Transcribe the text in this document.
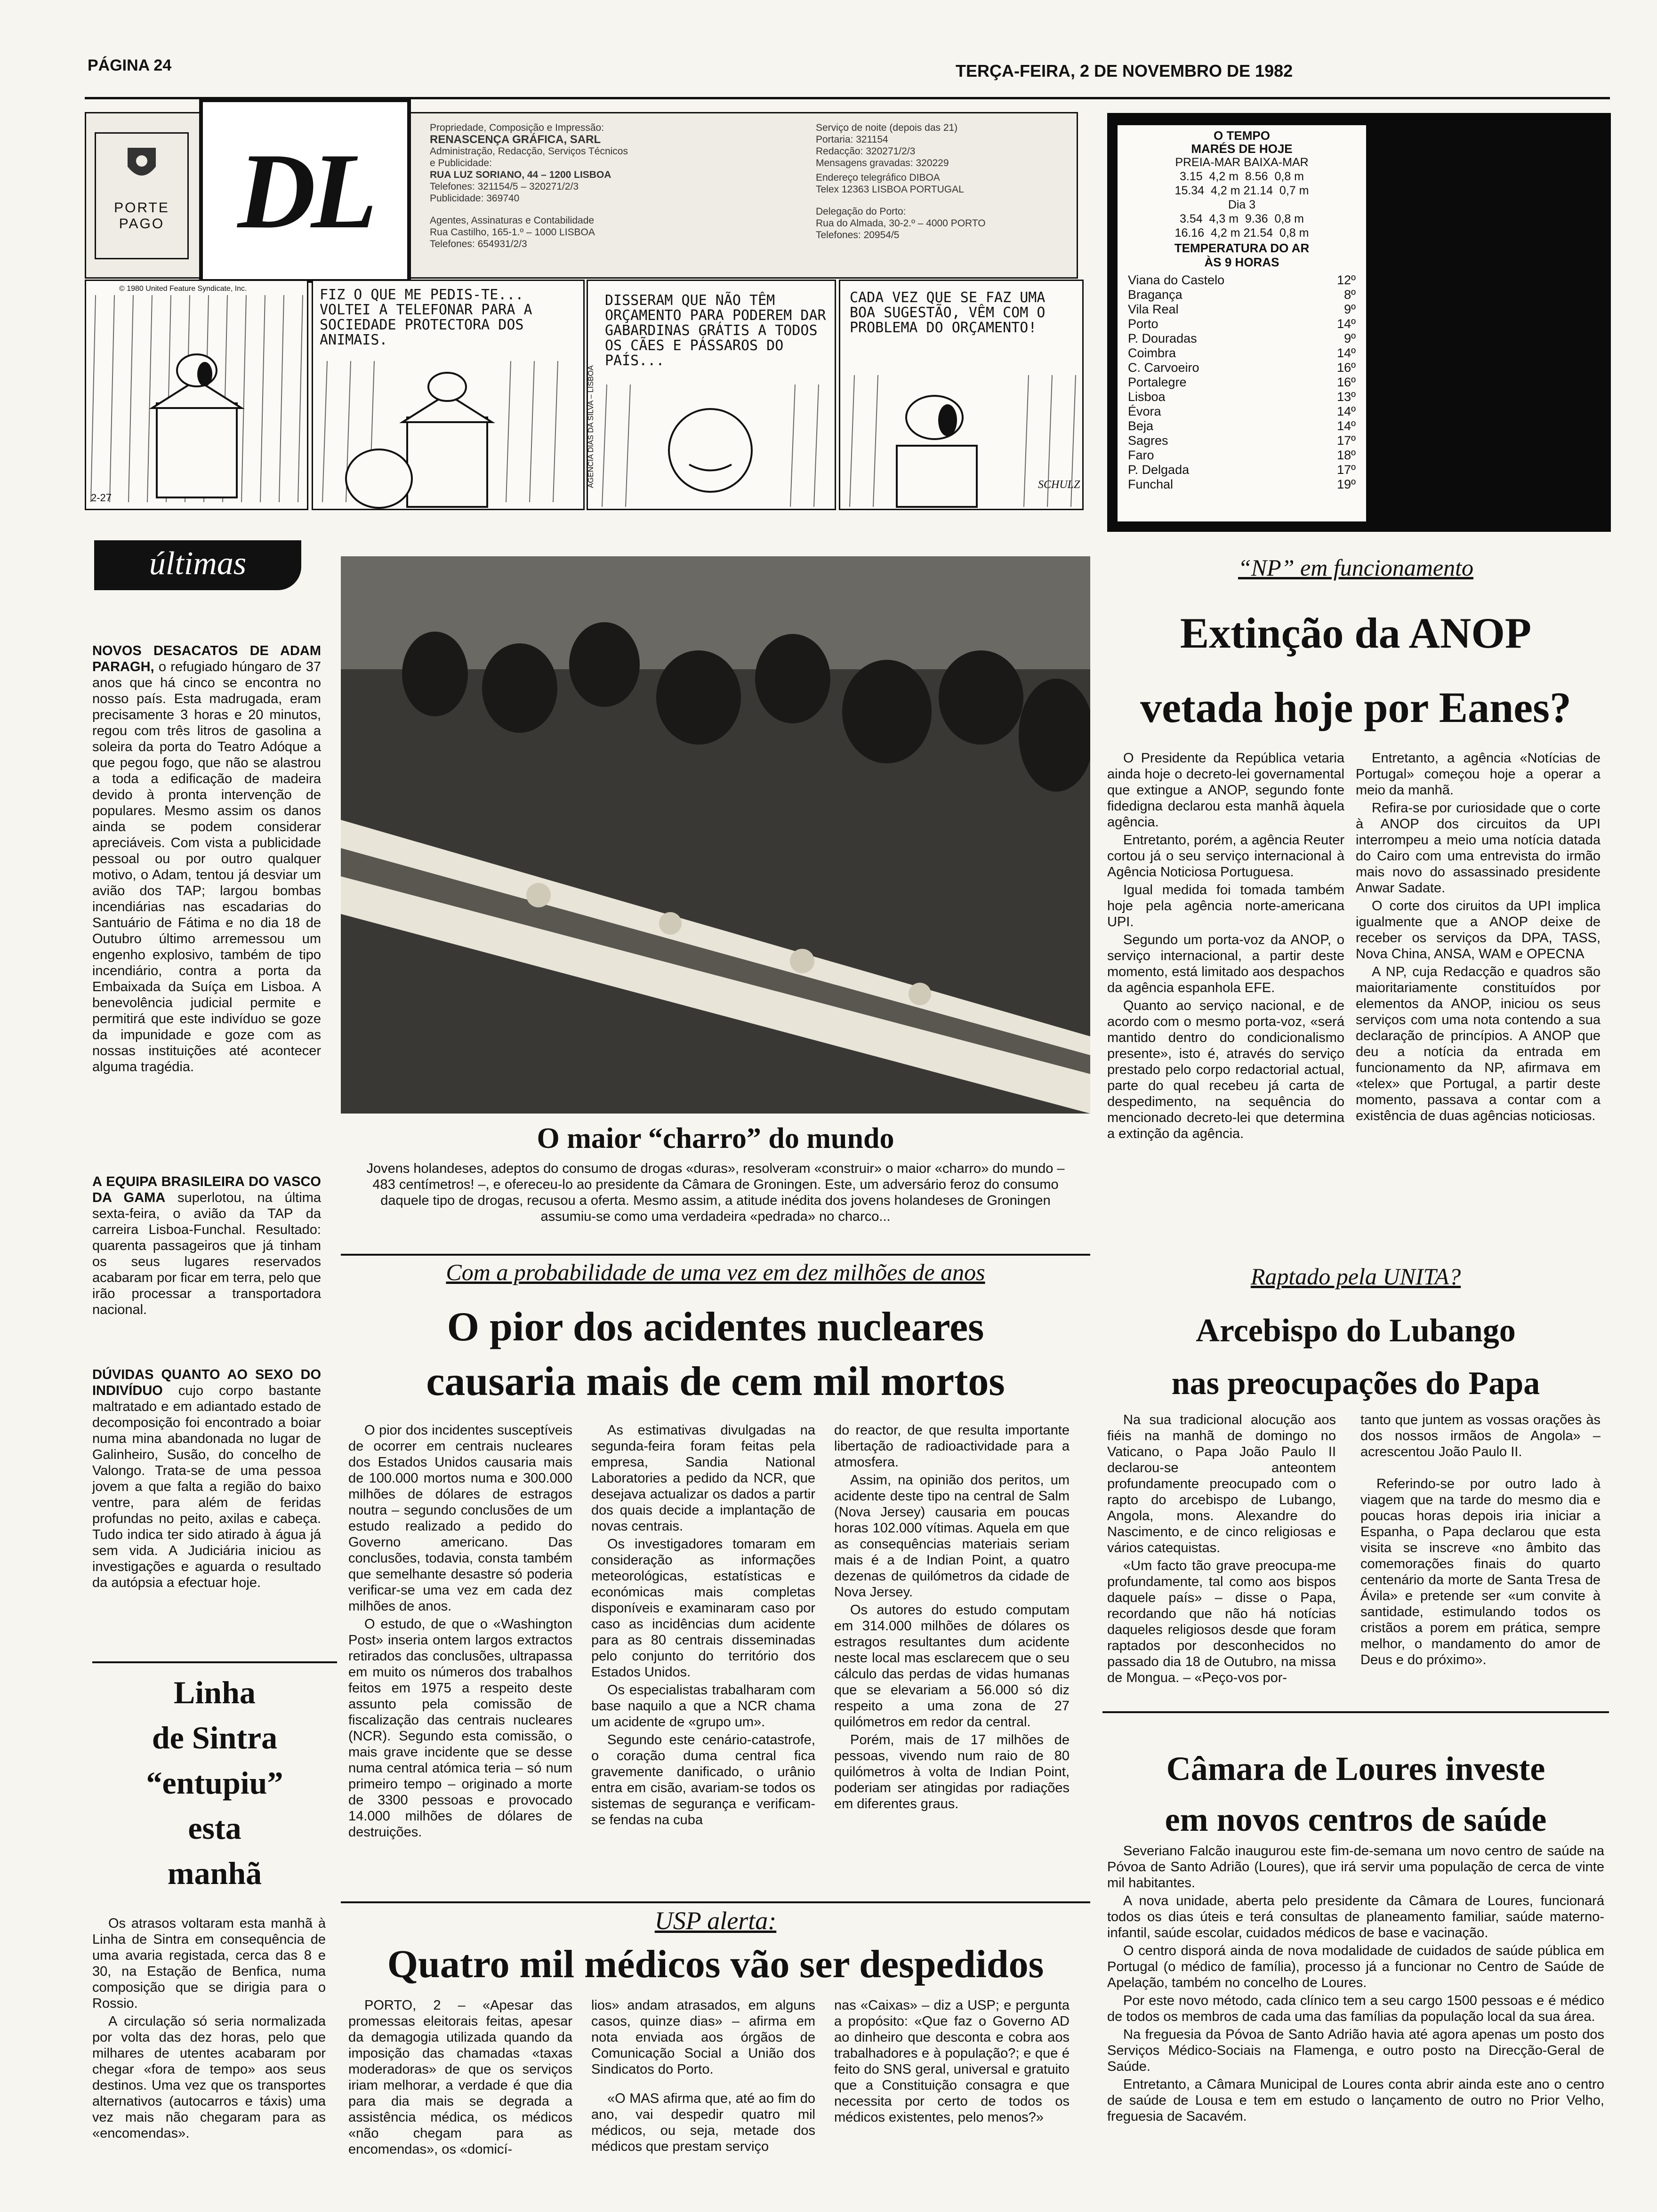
PÁGINA 24	TERÇA-FEIRA, 2 DE NOVEMBRO DE 1982
PORTE
PAGO DL
Propriedade, Composição e Impressão:
RENASCENÇA GRÁFICA, SARL
Administração, Redacção, Serviços Técnicos
e Publicidade:
RUA LUZ SORIANO, 44 – 1200 LISBOA
Telefones: 321154/5 – 320271/2/3
Publicidade: 369740
Agentes, Assinaturas e Contabilidade
Rua Castilho, 165-1.º – 1000 LISBOA
Telefones: 654931/2/3
Serviço de noite (depois das 21)
Portaria: 321154
Redacção: 320271/2/3
Mensagens gravadas: 320229
Endereço telegráfico DIBOA
Telex 12363 LISBOA PORTUGAL
Delegação do Porto:
Rua do Almada, 30-2.º – 4000 PORTO
Telefones: 20954/5
O TEMPO
MARÉS DE HOJE
PREIA-MAR BAIXA-MAR
3.15  4,2 m  8.56  0,8 m
15.34  4,2 m 21.14  0,7 m
Dia 3
3.54  4,3 m  9.36  0,8 m
16.16  4,2 m 21.54  0,8 m
TEMPERATURA DO AR
ÀS 9 HORAS
Viana do Castelo	12º
Bragança	8º
Vila Real	9º
Porto	14º
P. Douradas	9º
Coimbra	14º
C. Carvoeiro	16º
Portalegre	16º
Lisboa	13º
Évora	14º
Beja	14º
Sagres	17º
Faro	18º
P. Delgada	17º
Funchal	19º
© 1980 United Feature Syndicate, Inc.
2-27
FIZ O QUE ME PEDIS-TE... VOLTEI A TELEFONAR PARA A SOCIEDADE PROTECTORA DOS ANIMAIS.
AGÊNCIA DIAS DA SILVA – LISBOA
DISSERAM QUE NÃO TÊM ORÇAMENTO PARA PODEREM DAR GABARDINAS GRÁTIS A TODOS OS CÃES E PÁSSAROS DO PAÍS...
CADA VEZ QUE SE FAZ UMA BOA SUGESTÃO, VÊM COM O PROBLEMA DO ORÇAMENTO!
SCHULZ
últimas
NOVOS DESACATOS DE ADAM PARAGH, o refugiado húngaro de 37 anos que há cinco se encontra no nosso país. Esta madrugada, eram precisamente 3 horas e 20 minutos, regou com três litros de gasolina a soleira da porta do Teatro Adóque a que pegou fogo, que não se alastrou a toda a edificação de madeira devido à pronta intervenção de populares. Mesmo assim os danos ainda se podem considerar apreciáveis. Com vista a publicidade pessoal ou por outro qualquer motivo, o Adam, tentou já desviar um avião dos TAP; largou bombas incendiárias nas escadarias do Santuário de Fátima e no dia 18 de Outubro último arremessou um engenho explosivo, também de tipo incendiário, contra a porta da Embaixada da Suíça em Lisboa. A benevolência judicial permite e permitirá que este indivíduo se goze da impunidade e goze com as nossas instituições até acontecer alguma tragédia.
A EQUIPA BRASILEIRA DO VASCO DA GAMA superlotou, na última sexta-feira, o avião da TAP da carreira Lisboa-Funchal. Resultado: quarenta passageiros que já tinham os seus lugares reservados acabaram por ficar em terra, pelo que irão processar a transportadora nacional.
DÚVIDAS QUANTO AO SEXO DO INDIVÍDUO cujo corpo bastante maltratado e em adiantado estado de decomposição foi encontrado a boiar numa mina abandonada no lugar de Galinheiro, Susão, do concelho de Valongo. Trata-se de uma pessoa jovem a que falta a região do baixo ventre, para além de feridas profundas no peito, axilas e cabeça. Tudo indica ter sido atirado à água já sem vida. A Judiciária iniciou as investigações e aguarda o resultado da autópsia a efectuar hoje.
Linha
de Sintra
“entupiu”
esta
manhã

Os atrasos voltaram esta manhã à Linha de Sintra em consequência de uma avaria registada, cerca das 8 e 30, na Estação de Benfica, numa composição que se dirigia para o Rossio.

A circulação só seria normalizada por volta das dez horas, pelo que milhares de utentes acabaram por chegar «fora de tempo» aos seus destinos. Uma vez que os transportes alternativos (autocarros e táxis) uma vez mais não chegaram para as «encomendas».

O maior “charro” do mundo
Jovens holandeses, adeptos do consumo de drogas «duras», resolveram «construir» o maior «charro» do mundo – 483 centímetros! –, e ofereceu-lo ao presidente da Câmara de Groningen. Este, um adversário feroz do consumo daquele tipo de drogas, recusou a oferta. Mesmo assim, a atitude inédita dos jovens holandeses de Groningen assumiu-se como uma verdadeira «pedrada» no charco...
“NP” em funcionamento
Extinção da ANOP
vetada hoje por Eanes?

O Presidente da República vetaria ainda hoje o decreto-lei governamental que extingue a ANOP, segundo fonte fidedigna declarou esta manhã àquela agência.

Entretanto, porém, a agência Reuter cortou já o seu serviço internacional à Agência Noticiosa Portuguesa.

Igual medida foi tomada também hoje pela agência norte-americana UPI.

Segundo um porta-voz da ANOP, o serviço internacional, a partir deste momento, está limitado aos despachos da agência espanhola EFE.

Quanto ao serviço nacional, e de acordo com o mesmo porta-voz, «será mantido dentro do condicionalismo presente», isto é, através do serviço prestado pelo corpo redactorial actual, parte do qual recebeu já carta de despedimento, na sequência do mencionado decreto-lei que determina a extinção da agência.

Entretanto, a agência «Notícias de Portugal» começou hoje a operar a meio da manhã.

Refira-se por curiosidade que o corte à ANOP dos circuitos da UPI interrompeu a meio uma notícia datada do Cairo com uma entrevista do irmão mais novo do assassinado presidente Anwar Sadate.

O corte dos ciruitos da UPI implica igualmente que a ANOP deixe de receber os serviços da DPA, TASS, Nova China, ANSA, WAM e OPECNA

A NP, cuja Redacção e quadros são maioritariamente constituídos por elementos da ANOP, iniciou os seus serviços com uma nota contendo a sua declaração de princípios. A ANOP que deu a notícia da entrada em funcionamento da NP, afirmava em «telex» que Portugal, a partir deste momento, passava a contar com a existência de duas agências noticiosas.

Com a probabilidade de uma vez em dez milhões de anos
O pior dos acidentes nucleares
causaria mais de cem mil mortos

O pior dos incidentes susceptíveis de ocorrer em centrais nucleares dos Estados Unidos causaria mais de 100.000 mortos numa e 300.000 milhões de dólares de estragos noutra – segundo conclusões de um estudo realizado a pedido do Governo americano. Das conclusões, todavia, consta também que semelhante desastre só poderia verificar-se uma vez em cada dez milhões de anos.

O estudo, de que o «Washington Post» inseria ontem largos extractos retirados das conclusões, ultrapassa em muito os números dos trabalhos feitos em 1975 a respeito deste assunto pela comissão de fiscalização das centrais nucleares (NCR). Segundo esta comissão, o mais grave incidente que se desse numa central atómica teria – só num primeiro tempo – originado a morte de 3300 pessoas e provocado 14.000 milhões de dólares de destruições.

As estimativas divulgadas na segunda-feira foram feitas pela empresa, Sandia National Laboratories a pedido da NCR, que desejava actualizar os dados a partir dos quais decide a implantação de novas centrais.

Os investigadores tomaram em consideração as informações meteorológicas, estatísticas e económicas mais completas disponíveis e examinaram caso por caso as incidências dum acidente para as 80 centrais disseminadas pelo conjunto do território dos Estados Unidos.

Os especialistas trabalharam com base naquilo a que a NCR chama um acidente de «grupo um».

Segundo este cenário-catastrofe, o coração duma central fica gravemente danificado, o urânio entra em cisão, avariam-se todos os sistemas de segurança e verificam-se fendas na cuba

do reactor, de que resulta importante libertação de radioactividade para a atmosfera.

Assim, na opinião dos peritos, um acidente deste tipo na central de Salm (Nova Jersey) causaria em poucas horas 102.000 vítimas. Aquela em que as consequências materiais seriam mais é a de Indian Point, a quatro dezenas de quilómetros da cidade de Nova Jersey.

Os autores do estudo computam em 314.000 milhões de dólares os estragos resultantes dum acidente neste local mas esclarecem que o seu cálculo das perdas de vidas humanas que se elevariam a 56.000 só diz respeito a uma zona de 27 quilómetros em redor da central.

Porém, mais de 17 milhões de pessoas, vivendo num raio de 80 quilómetros à volta de Indian Point, poderiam ser atingidas por radiações em diferentes graus.

USP alerta:
Quatro mil médicos vão ser despedidos

PORTO, 2 – «Apesar das promessas eleitorais feitas, apesar da demagogia utilizada quando da imposição das chamadas «taxas moderadoras» de que os serviços iriam melhorar, a verdade é que dia para dia mais se degrada a assistência médica, os médicos «não chegam para as encomendas», os «domicí-

lios» andam atrasados, em alguns casos, quinze dias» – afirma em nota enviada aos órgãos de Comunicação Social a União dos Sindicatos do Porto.

«O MAS afirma que, até ao fim do ano, vai despedir quatro mil médicos, ou seja, metade dos médicos que prestam serviço

nas «Caixas» – diz a USP; e pergunta a propósito: «Que faz o Governo AD ao dinheiro que desconta e cobra aos trabalhadores e à população?; e que é feito do SNS geral, universal e gratuito que a Constituição consagra e que necessita por certo de todos os médicos existentes, pelo menos?»

Raptado pela UNITA?
Arcebispo do Lubango
nas preocupações do Papa

Na sua tradicional alocução aos fiéis na manhã de domingo no Vaticano, o Papa João Paulo II declarou-se anteontem profundamente preocupado com o rapto do arcebispo de Lubango, Angola, mons. Alexandre do Nascimento, e de cinco religiosas e vários catequistas.

«Um facto tão grave preocupa-me profundamente, tal como aos bispos daquele país» – disse o Papa, recordando que não há notícias daqueles religiosos desde que foram raptados por desconhecidos no passado dia 18 de Outubro, na missa de Mongua. – «Peço-vos por-

tanto que juntem as vossas orações às dos nossos irmãos de Angola» – acrescentou João Paulo II.

Referindo-se por outro lado à viagem que na tarde do mesmo dia e poucas horas depois iria iniciar a Espanha, o Papa declarou que esta visita se inscreve «no âmbito das comemorações finais do quarto centenário da morte de Santa Tresa de Ávila» e pretende ser «um convite à santidade, estimulando todos os cristãos a porem em prática, sempre melhor, o mandamento do amor de Deus e do próximo».

Câmara de Loures investe
em novos centros de saúde

Severiano Falcão inaugurou este fim-de-semana um novo centro de saúde na Póvoa de Santo Adrião (Loures), que irá servir uma população de cerca de vinte mil habitantes.

A nova unidade, aberta pelo presidente da Câmara de Loures, funcionará todos os dias úteis e terá consultas de planeamento familiar, saúde materno-infantil, saúde escolar, cuidados médicos de base e vacinação.

O centro disporá ainda de nova modalidade de cuidados de saúde pública em Portugal (o médico de família), processo já a funcionar no Centro de Saúde de Apelação, também no concelho de Loures.

Por este novo método, cada clínico tem a seu cargo 1500 pessoas e é médico de todos os membros de cada uma das famílias da população local da sua área.

Na freguesia da Póvoa de Santo Adrião havia até agora apenas um posto dos Serviços Médico-Sociais na Flamenga, e outro posto na Direcção-Geral de Saúde.

Entretanto, a Câmara Municipal de Loures conta abrir ainda este ano o centro de saúde de Lousa e tem em estudo o lançamento de outro no Prior Velho, freguesia de Sacavém.
